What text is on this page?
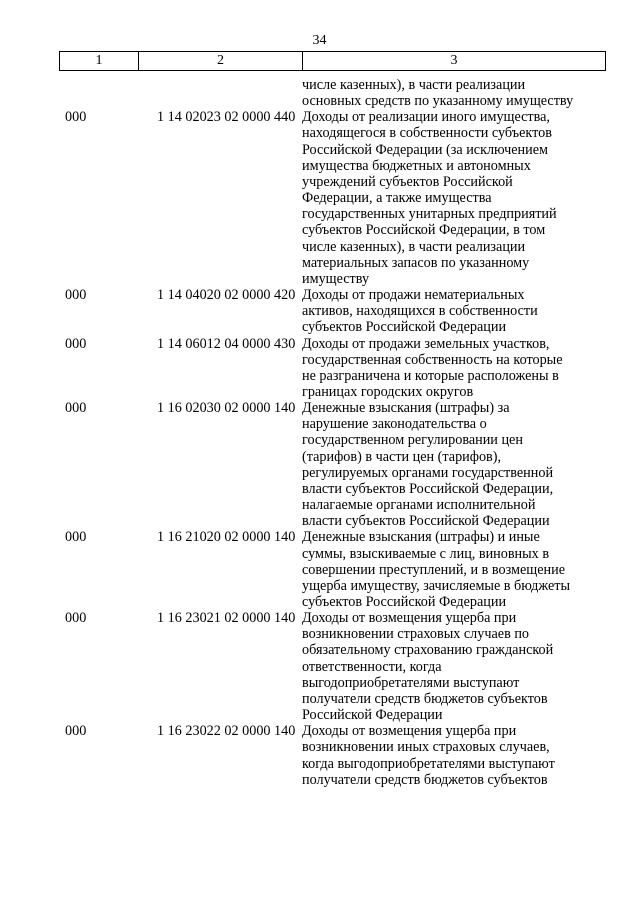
34
1	2	3
числе казенных), в части реализации
основных средств по указанному имуществу
000	1 14 02023 02 0000 440 Доходы от реализации иного имущества,
находящегося в собственности субъектов
Российской Федерации (за исключением
имущества бюджетных и автономных
учреждений субъектов Российской
Федерации, а также имущества
государственных унитарных предприятий
субъектов Российской Федерации, в том
числе казенных), в части реализации
материальных запасов по указанному
имуществу
000	1 14 04020 02 0000 420 Доходы от продажи нематериальных
активов, находящихся в собственности
субъектов Российской Федерации
000	1 14 06012 04 0000 430 Доходы от продажи земельных участков,
государственная собственность на которые
не разграничена и которые расположены в
границах городских округов
000	1 16 02030 02 0000 140 Денежные взыскания (штрафы) за
нарушение законодательства о
государственном регулировании цен
(тарифов) в части цен (тарифов),
регулируемых органами государственной
власти субъектов Российской Федерации,
налагаемые органами исполнительной
власти субъектов Российской Федерации
000	1 16 21020 02 0000 140 Денежные взыскания (штрафы) и иные
суммы, взыскиваемые с лиц, виновных в
совершении преступлений, и в возмещение
ущерба имуществу, зачисляемые в бюджеты
субъектов Российской Федерации
000	1 16 23021 02 0000 140 Доходы от возмещения ущерба при
возникновении страховых случаев по
обязательному страхованию гражданской
ответственности, когда
выгодоприобретателями выступают
получатели средств бюджетов субъектов
Российской Федерации
000	1 16 23022 02 0000 140 Доходы от возмещения ущерба при
возникновении иных страховых случаев,
когда выгодоприобретателями выступают
получатели средств бюджетов субъектов
